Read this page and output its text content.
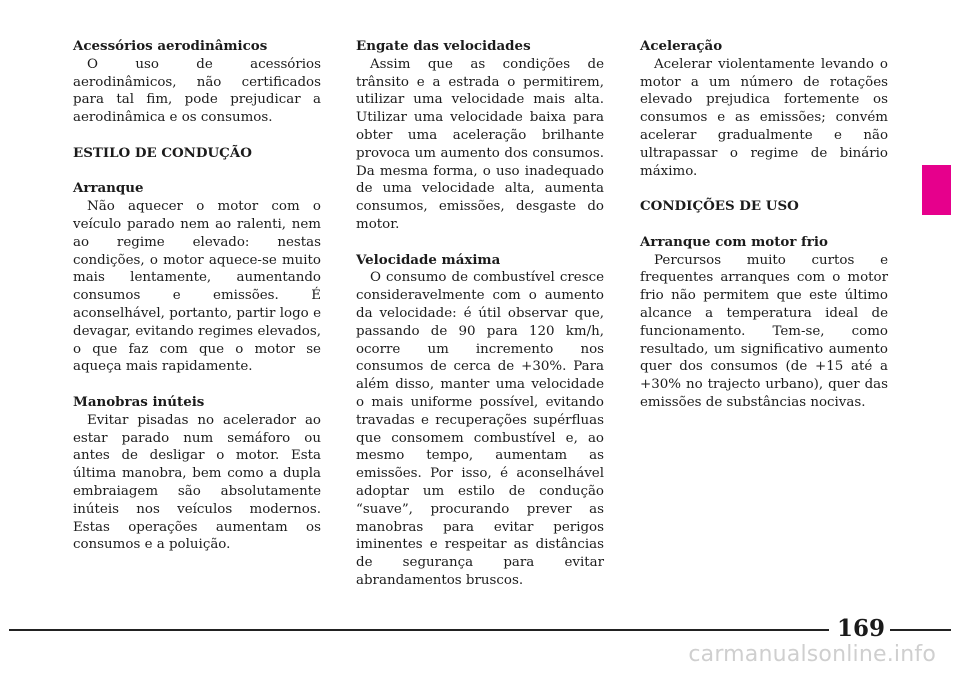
Acessórios aerodinâmicos

O uso de acessórios aerodinâmicos, não certificados para tal fim, pode prejudicar a aerodinâmica e os consumos.

ESTILO DE CONDUÇÃO
Arranque

Não aquecer o motor com o veículo parado nem ao ralenti, nem ao regime elevado: nestas condições, o motor aquece-se muito mais lentamente, aumentando consumos e emissões. É aconselhável, portanto, partir logo e devagar, evitando regimes elevados, o que faz com que o motor se aqueça mais rapidamente.

Manobras inúteis

Evitar pisadas no acelerador ao estar parado num semáforo ou antes de desligar o motor. Esta última manobra, bem como a dupla embraiagem são absolutamente inúteis nos veículos modernos. Estas operações aumentam os consumos e a poluição.

Engate das velocidades

Assim que as condições de trânsito e a estrada o permitirem, utilizar uma velocidade mais alta. Utilizar uma velocidade baixa para obter uma aceleração brilhante provoca um aumento dos consumos. Da mesma forma, o uso inadequado de uma velocidade alta, aumenta consumos, emissões, desgaste do motor.

Velocidade máxima

O consumo de combustível cresce consideravelmente com o aumento da velocidade: é útil observar que, passando de 90 para 120 km/h, ocorre um incremento nos consumos de cerca de +30%. Para além disso, manter uma velocidade o mais uniforme possível, evitando travadas e recuperações supérfluas que consomem combustível e, ao mesmo tempo, aumentam as emissões. Por isso, é aconselhável adoptar um estilo de condução “suave”, procurando prever as manobras para evitar perigos iminentes e respeitar as distâncias de segurança para evitar abrandamentos bruscos.

Aceleração

Acelerar violentamente levando o motor a um número de rotações elevado prejudica fortemente os consumos e as emissões; convém acelerar gradualmente e não ultrapassar o regime de binário máximo.

CONDIÇÕES DE USO
Arranque com motor frio

Percursos muito curtos e frequentes arranques com o motor frio não permitem que este último alcance a temperatura ideal de funcionamento. Tem-se, como resultado, um significativo aumento quer dos consumos (de +15 até a +30% no trajecto urbano), quer das emissões de substâncias nocivas.

169
carmanualsonline.info
